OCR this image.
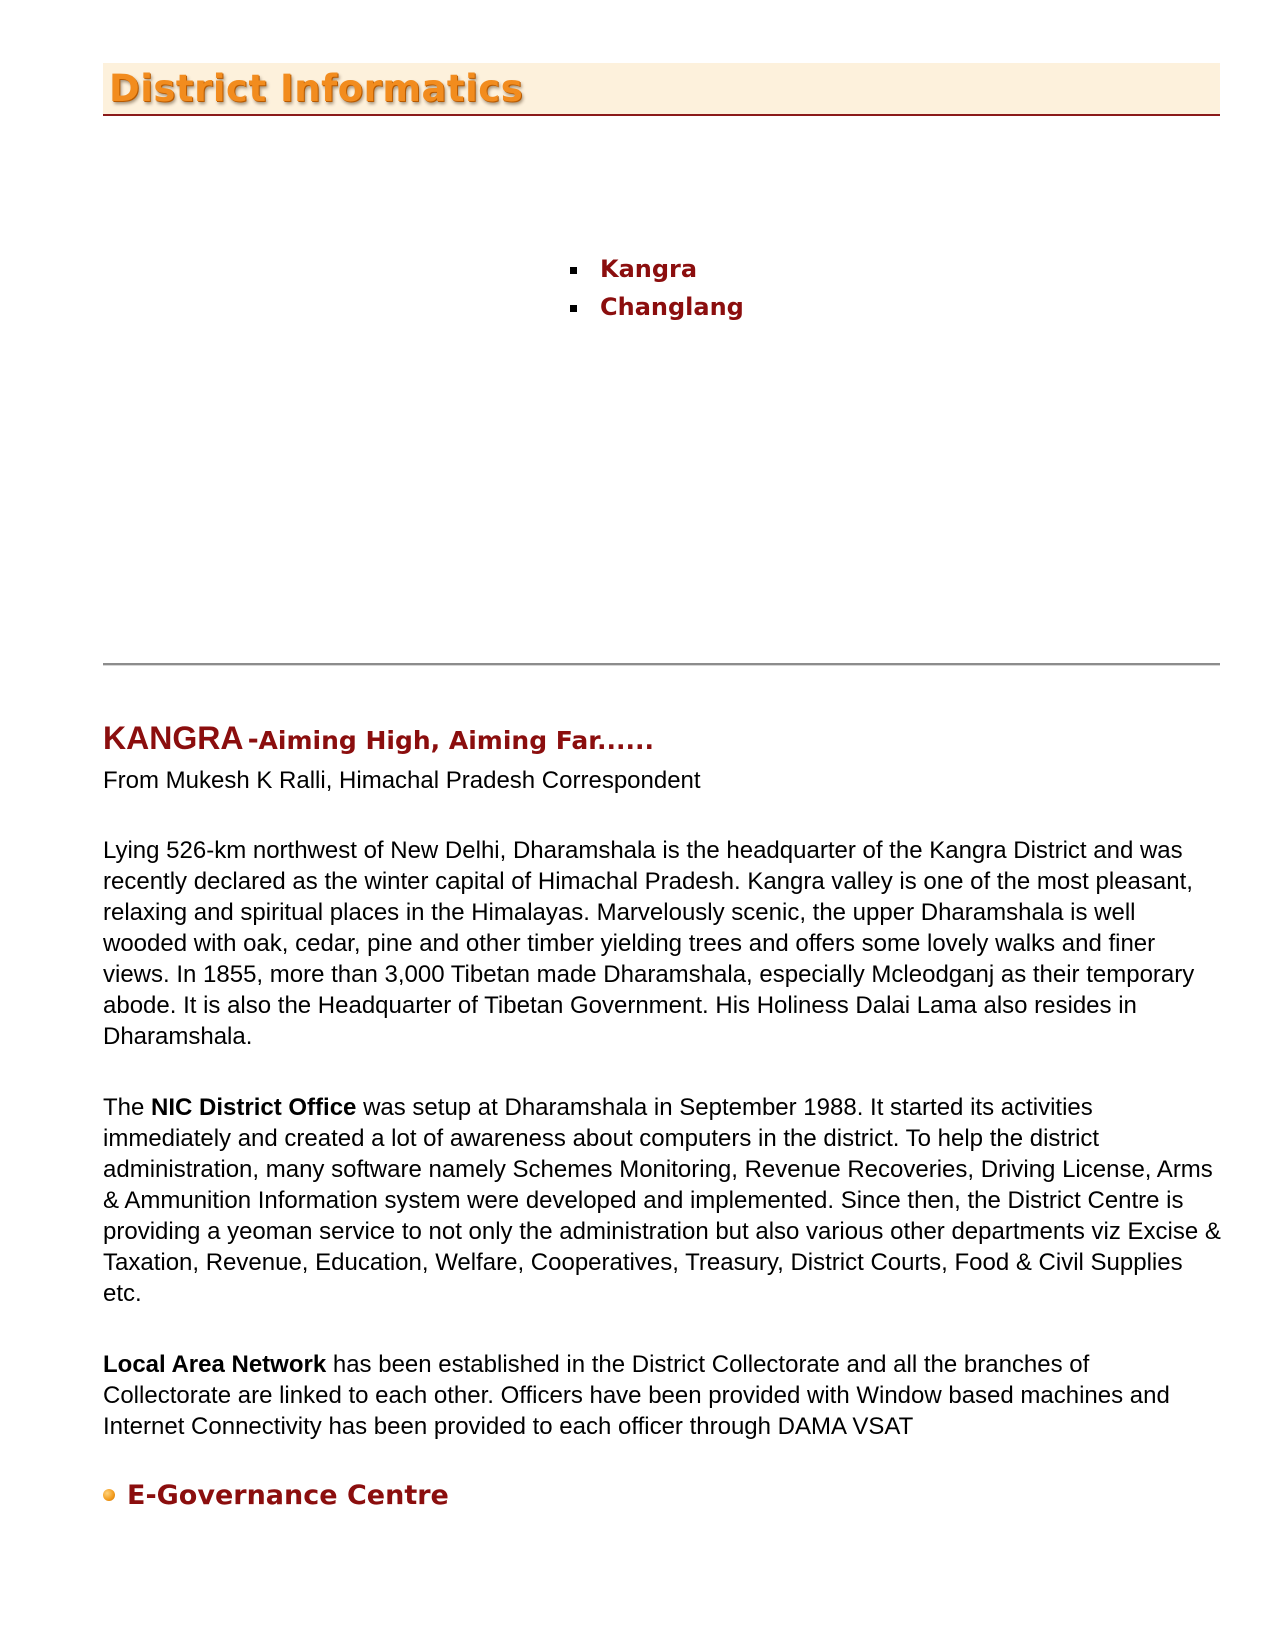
District Informatics
Kangra
Changlang
KANGRA -Aiming High, Aiming Far......
From Mukesh K Ralli, Himachal Pradesh Correspondent

Lying 526-km northwest of New Delhi, Dharamshala is the headquarter of the Kangra District and was recently declared as the winter capital of Himachal Pradesh. Kangra valley is one of the most pleasant, relaxing and spiritual places in the Himalayas. Marvelously scenic, the upper Dharamshala is well wooded with oak, cedar, pine and other timber yielding trees and offers some lovely walks and finer views. In 1855, more than 3,000 Tibetan made Dharamshala, especially Mcleodganj as their temporary abode. It is also the Headquarter of Tibetan Government. His Holiness Dalai Lama also resides in Dharamshala.

The NIC District Office was setup at Dharamshala in September 1988. It started its activities immediately and created a lot of awareness about computers in the district. To help the district administration, many software namely Schemes Monitoring, Revenue Recoveries, Driving License, Arms & Ammunition Information system were developed and implemented. Since then, the District Centre is providing a yeoman service to not only the administration but also various other departments viz Excise & Taxation, Revenue, Education, Welfare, Cooperatives, Treasury, District Courts, Food & Civil Supplies etc.

Local Area Network has been established in the District Collectorate and all the branches of Collectorate are linked to each other. Officers have been provided with Window based machines and Internet Connectivity has been provided to each officer through DAMA VSAT

E-Governance Centre
